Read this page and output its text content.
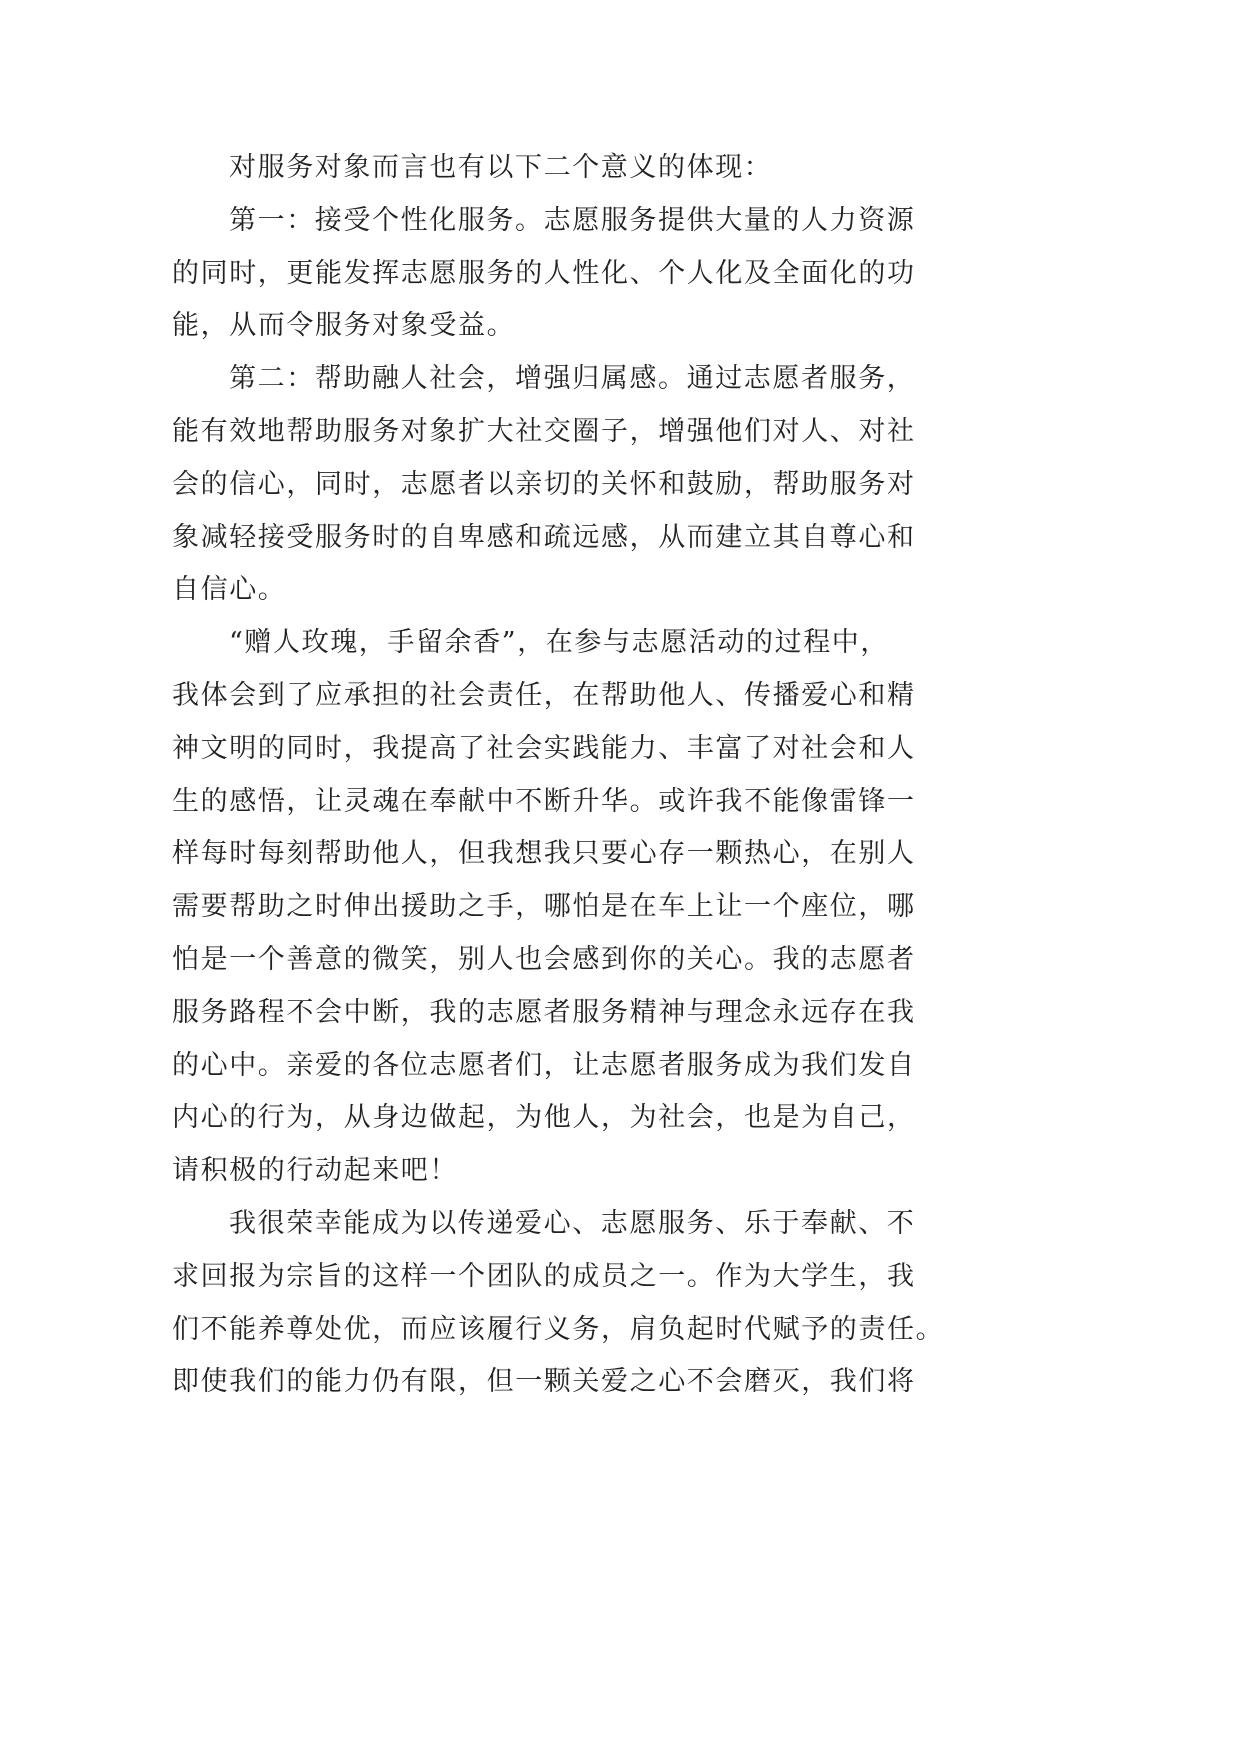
对服务对象而言也有以下二个意义的体现：
第一：接受个性化服务。志愿服务提供大量的人力资源
的同时，更能发挥志愿服务的人性化、个人化及全面化的功
能，从而令服务对象受益。
第二：帮助融人社会，增强归属感。通过志愿者服务，
能有效地帮助服务对象扩大社交圈子，增强他们对人、对社
会的信心，同时，志愿者以亲切的关怀和鼓励，帮助服务对
象减轻接受服务时的自卑感和疏远感，从而建立其自尊心和
自信心。
“赠人玫瑰，手留余香”，在参与志愿活动的过程中，
我体会到了应承担的社会责任，在帮助他人、传播爱心和精
神文明的同时，我提高了社会实践能力、丰富了对社会和人
生的感悟，让灵魂在奉献中不断升华。或许我不能像雷锋一
样每时每刻帮助他人，但我想我只要心存一颗热心，在别人
需要帮助之时伸出援助之手，哪怕是在车上让一个座位，哪
怕是一个善意的微笑，别人也会感到你的关心。我的志愿者
服务路程不会中断，我的志愿者服务精神与理念永远存在我
的心中。亲爱的各位志愿者们，让志愿者服务成为我们发自
内心的行为，从身边做起，为他人，为社会，也是为自己，
请积极的行动起来吧！
我很荣幸能成为以传递爱心、志愿服务、乐于奉献、不
求回报为宗旨的这样一个团队的成员之一。作为大学生，我
们不能养尊处优，而应该履行义务，肩负起时代赋予的责任。
即使我们的能力仍有限，但一颗关爱之心不会磨灭，我们将
